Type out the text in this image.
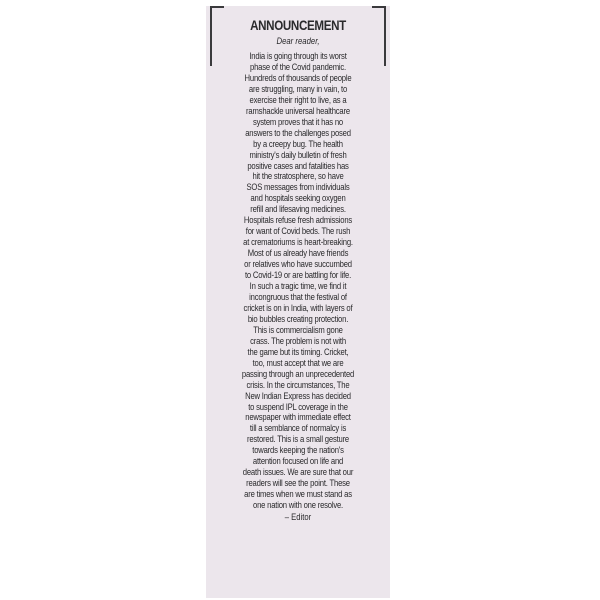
ANNOUNCEMENT
Dear reader,
India is going through its worst
phase of the Covid pandemic.
Hundreds of thousands of people
are struggling, many in vain, to
exercise their right to live, as a
ramshackle universal healthcare
system proves that it has no
answers to the challenges posed
by a creepy bug. The health
ministry's daily bulletin of fresh
positive cases and fatalities has
hit the stratosphere, so have
SOS messages from individuals
and hospitals seeking oxygen
refill and lifesaving medicines.
Hospitals refuse fresh admissions
for want of Covid beds. The rush
at crematoriums is heart-breaking.
Most of us already have friends
or relatives who have succumbed
to Covid-19 or are battling for life.
In such a tragic time, we find it
incongruous that the festival of
cricket is on in India, with layers of
bio bubbles creating protection.
This is commercialism gone
crass. The problem is not with
the game but its timing. Cricket,
too, must accept that we are
passing through an unprecedented
crisis. In the circumstances, The
New Indian Express has decided
to suspend IPL coverage in the
newspaper with immediate effect
till a semblance of normalcy is
restored. This is a small gesture
towards keeping the nation's
attention focused on life and
death issues. We are sure that our
readers will see the point. These
are times when we must stand as
one nation with one resolve.
– Editor
